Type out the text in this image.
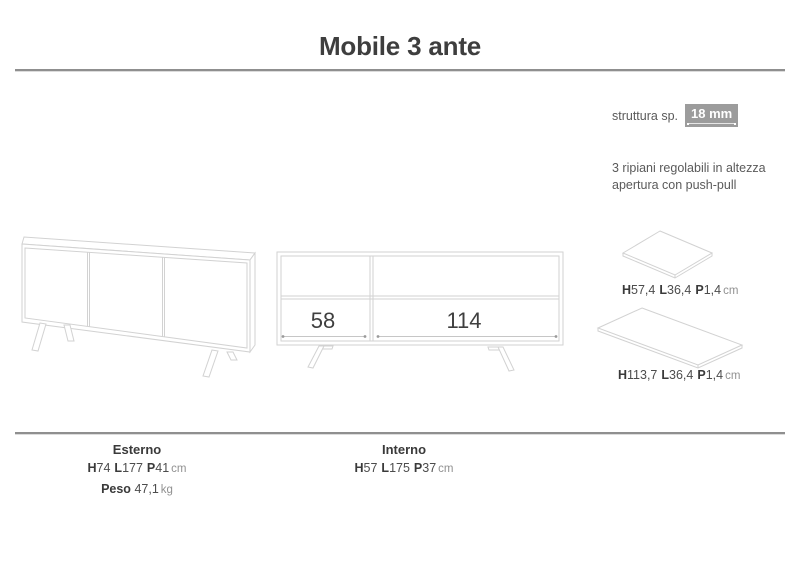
Mobile 3 ante
58	114
struttura sp.	18 mm
3 ripiani regolabili in altezza
apertura con push-pull
H57,4 L36,4 P1,4 cm
H113,7 L36,4 P1,4 cm
Esterno
H74 L177 P41 cm
Peso 47,1 kg
Interno
H57 L175 P37 cm
